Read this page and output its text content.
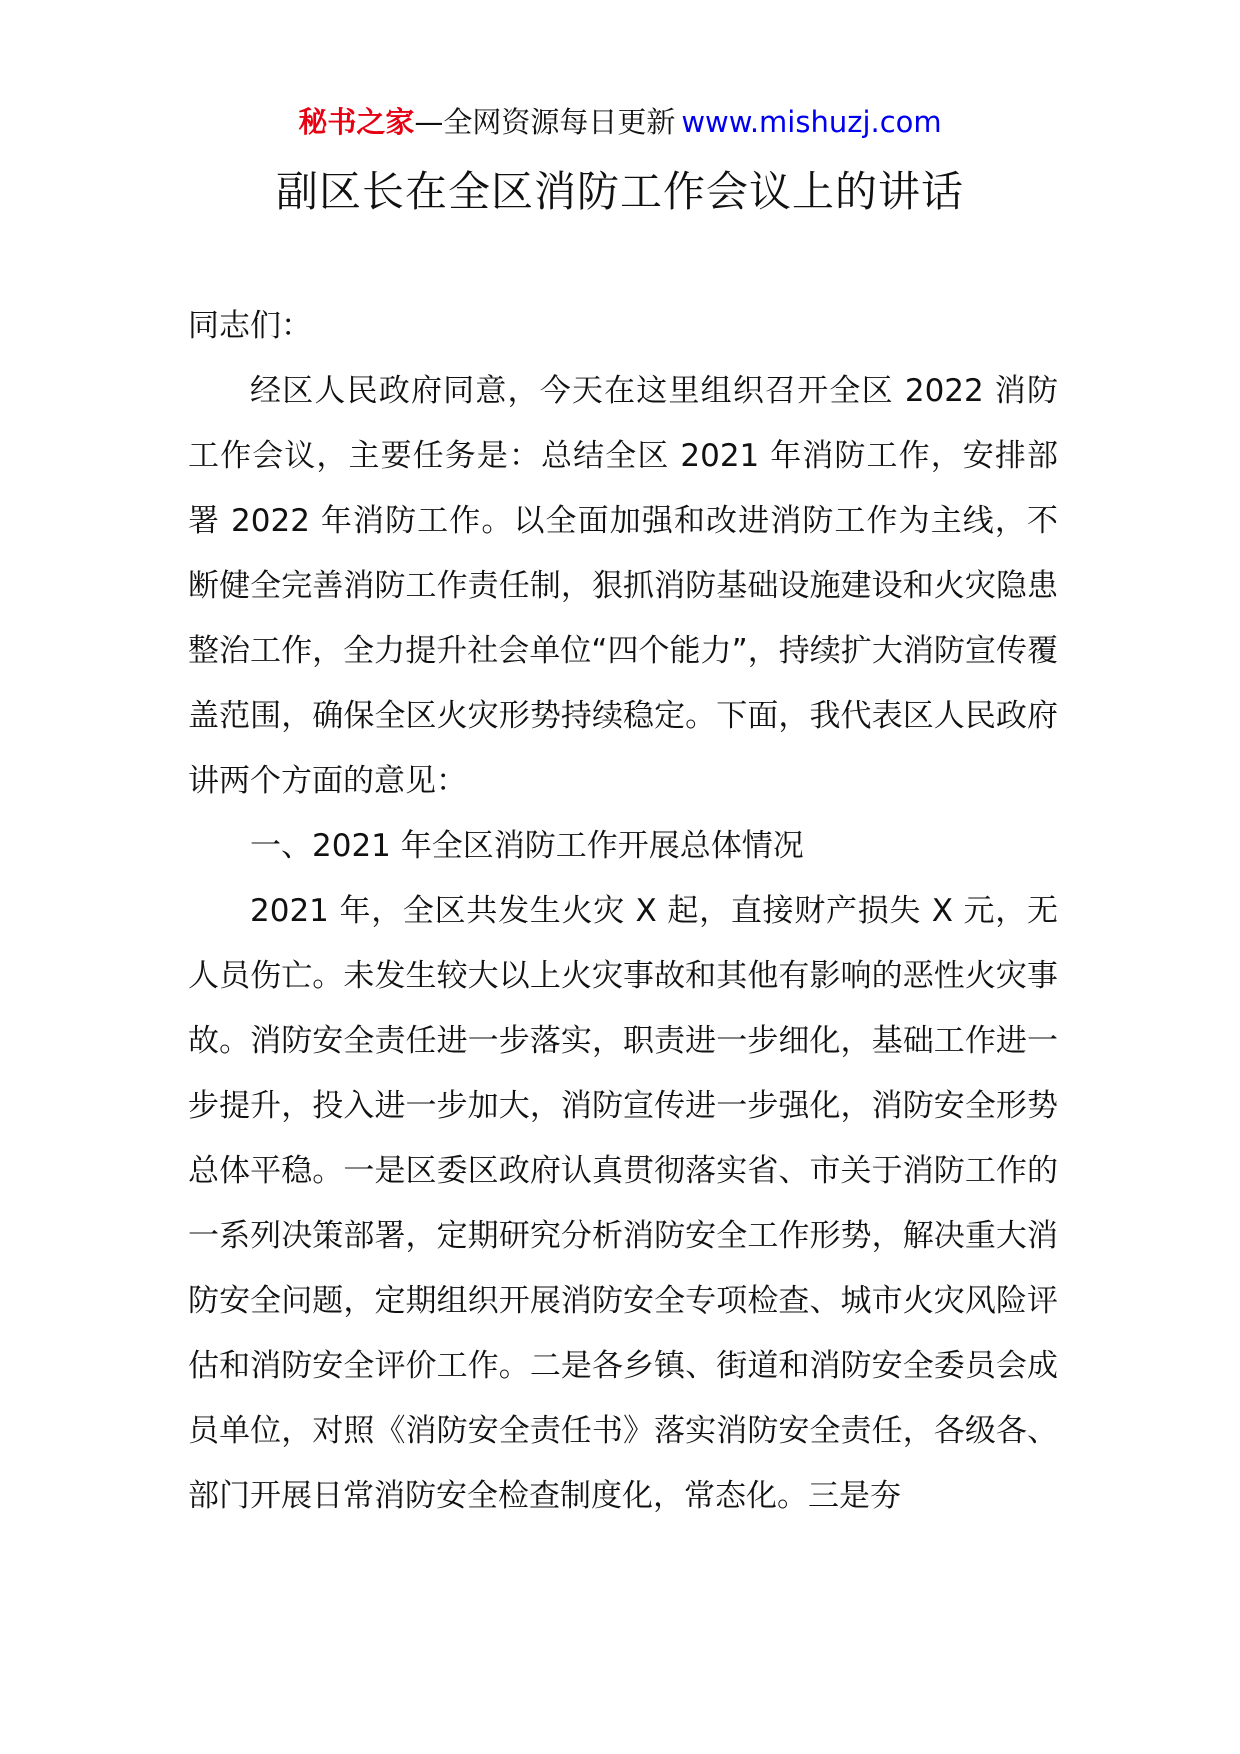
秘书之家—全网资源每日更新 www.mishuzj.com
副区长在全区消防工作会议上的讲话

同志们：

经区人民政府同意，今天在这里组织召开全区 2022 消防工作会议，主要任务是：总结全区 2021 年消防工作，安排部署 2022 年消防工作。以全面加强和改进消防工作为主线，不断健全完善消防工作责任制，狠抓消防基础设施建设和火灾隐患整治工作，全力提升社会单位“四个能力”，持续扩大消防宣传覆盖范围，确保全区火灾形势持续稳定。下面，我代表区人民政府讲两个方面的意见：

一、2021 年全区消防工作开展总体情况

2021 年，全区共发生火灾 X 起，直接财产损失 X 元，无人员伤亡。未发生较大以上火灾事故和其他有影响的恶性火灾事故。消防安全责任进一步落实，职责进一步细化，基础工作进一步提升，投入进一步加大，消防宣传进一步强化，消防安全形势总体平稳。一是区委区政府认真贯彻落实省、市关于消防工作的一系列决策部署，定期研究分析消防安全工作形势，解决重大消防安全问题，定期组织开展消防安全专项检查、城市火灾风险评估和消防安全评价工作。二是各乡镇、街道和消防安全委员会成员单位，对照《消防安全责任书》落实消防安全责任，各级各、部门开展日常消防安全检查制度化，常态化。三是夯
